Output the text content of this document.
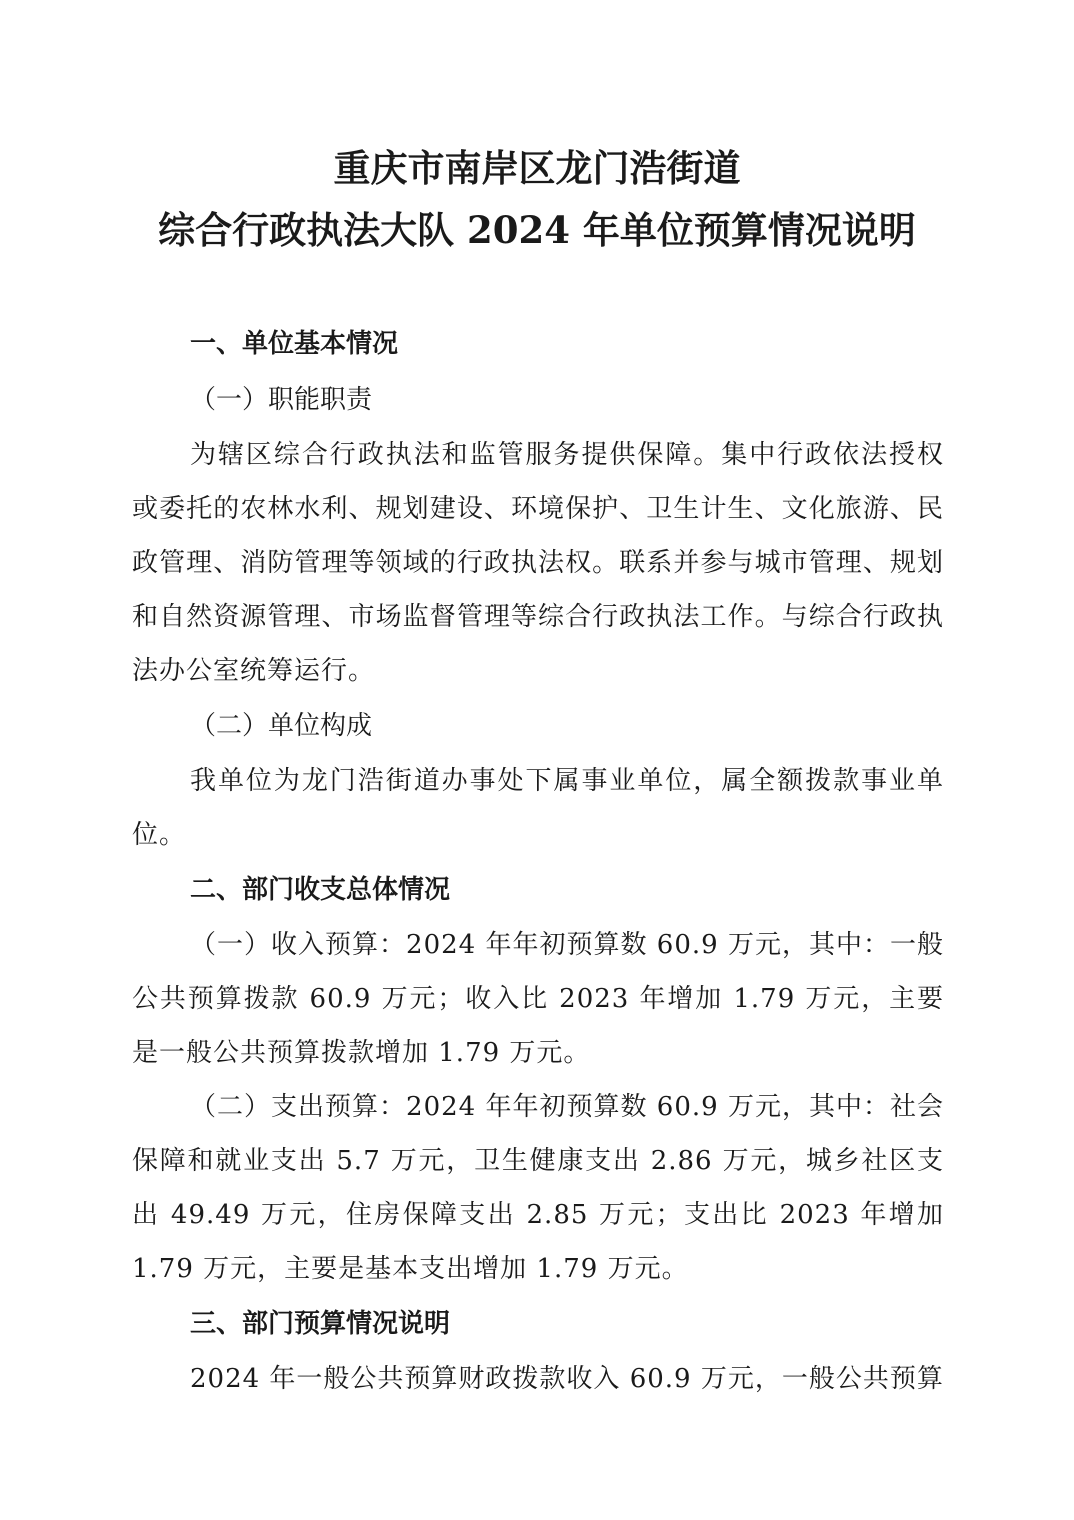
重庆市南岸区龙门浩街道
综合行政执法大队 2024 年单位预算情况说明
一、单位基本情况
（一）职能职责
为辖区综合行政执法和监管服务提供保障。集中行政依法授权或委托的农林水利、规划建设、环境保护、卫生计生、文化旅游、民政管理、消防管理等领域的行政执法权。联系并参与城市管理、规划和自然资源管理、市场监督管理等综合行政执法工作。与综合行政执法办公室统筹运行。
（二）单位构成
我单位为龙门浩街道办事处下属事业单位，属全额拨款事业单位。
二、部门收支总体情况
（一）收入预算：2024 年年初预算数 60.9 万元，其中：一般公共预算拨款 60.9 万元；收入比 2023 年增加 1.79 万元，主要是一般公共预算拨款增加 1.79 万元。
（二）支出预算：2024 年年初预算数 60.9 万元，其中：社会保障和就业支出 5.7 万元，卫生健康支出 2.86 万元，城乡社区支出 49.49 万元，住房保障支出 2.85 万元；支出比 2023 年增加 1.79 万元，主要是基本支出增加 1.79 万元。
三、部门预算情况说明
2024 年一般公共预算财政拨款收入 60.9 万元，一般公共预算
